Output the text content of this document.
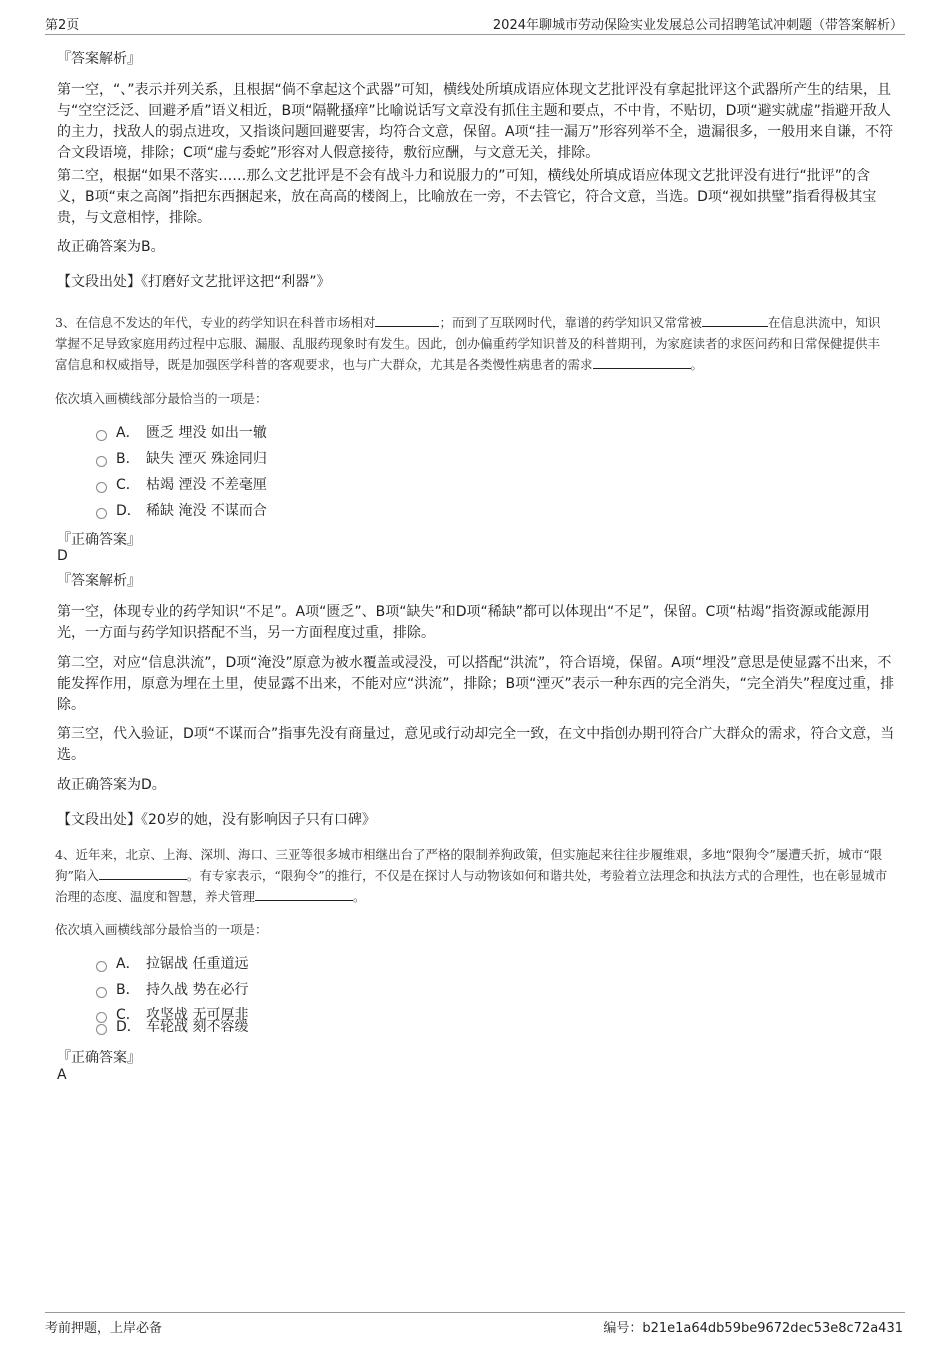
第2页	2024年聊城市劳动保险实业发展总公司招聘笔试冲刺题（带答案解析）
『答案解析』

第一空，“、”表示并列关系，且根据“倘不拿起这个武器”可知，横线处所填成语应体现文艺批评没有拿起批评这个武器所产生的结果，且与“空空泛泛、回避矛盾”语义相近，B项“隔靴搔痒”比喻说话写文章没有抓住主题和要点，不中肯，不贴切，D项“避实就虚”指避开敌人的主力，找敌人的弱点进攻，又指谈问题回避要害，均符合文意，保留。A项“挂一漏万”形容列举不全，遗漏很多，一般用来自谦，不符合文段语境，排除；C项“虚与委蛇”形容对人假意接待，敷衍应酬，与文意无关，排除。

第二空，根据“如果不落实……那么文艺批评是不会有战斗力和说服力的”可知，横线处所填成语应体现文艺批评没有进行“批评”的含义，B项“束之高阁”指把东西捆起来，放在高高的楼阁上，比喻放在一旁，不去管它，符合文意，当选。D项“视如拱璧”指看得极其宝贵，与文意相悖，排除。

故正确答案为B。

【文段出处】《打磨好文艺批评这把“利器”》

3、在信息不发达的年代，专业的药学知识在科普市场相对	；而到了互联网时代，靠谱的药学知识又常常被	在信息洪流中，知识掌握不足导致家庭用药过程中忘服、漏服、乱服药现象时有发生。因此，创办偏重药学知识普及的科普期刊，为家庭读者的求医问药和日常保健提供丰富信息和权威指导，既是加强医学科普的客观要求，也与广大群众，尤其是各类慢性病患者的需求	。

依次填入画横线部分最恰当的一项是：

A． 匮乏 埋没 如出一辙
B． 缺失 湮灭 殊途同归
C． 枯竭 湮没 不差毫厘
D． 稀缺 淹没 不谋而合
『正确答案』
D
『答案解析』

第一空，体现专业的药学知识“不足”。A项“匮乏”、B项“缺失”和D项“稀缺”都可以体现出“不足”，保留。C项“枯竭”指资源或能源用光，一方面与药学知识搭配不当，另一方面程度过重，排除。

第二空，对应“信息洪流”，D项“淹没”原意为被水覆盖或浸没，可以搭配“洪流”，符合语境，保留。A项“埋没”意思是使显露不出来，不能发挥作用，原意为埋在土里，使显露不出来，不能对应“洪流”，排除；B项“湮灭”表示一种东西的完全消失，“完全消失”程度过重，排除。

第三空，代入验证，D项“不谋而合”指事先没有商量过，意见或行动却完全一致，在文中指创办期刊符合广大群众的需求，符合文意，当选。

故正确答案为D。

【文段出处】《20岁的她，没有影响因子只有口碑》

4、近年来，北京、上海、深圳、海口、三亚等很多城市相继出台了严格的限制养狗政策，但实施起来往往步履维艰，多地“限狗令”屡遭夭折，城市“限狗”陷入	。有专家表示，“限狗令”的推行，不仅是在探讨人与动物该如何和谐共处，考验着立法理念和执法方式的合理性，也在彰显城市治理的态度、温度和智慧，养犬管理	。

依次填入画横线部分最恰当的一项是：

A． 拉锯战 任重道远
B． 持久战 势在必行
C． 攻坚战 无可厚非
D． 车轮战 刻不容缓
『正确答案』
A
考前押题，上岸必备	编号：b21e1a64db59be9672dec53e8c72a431
